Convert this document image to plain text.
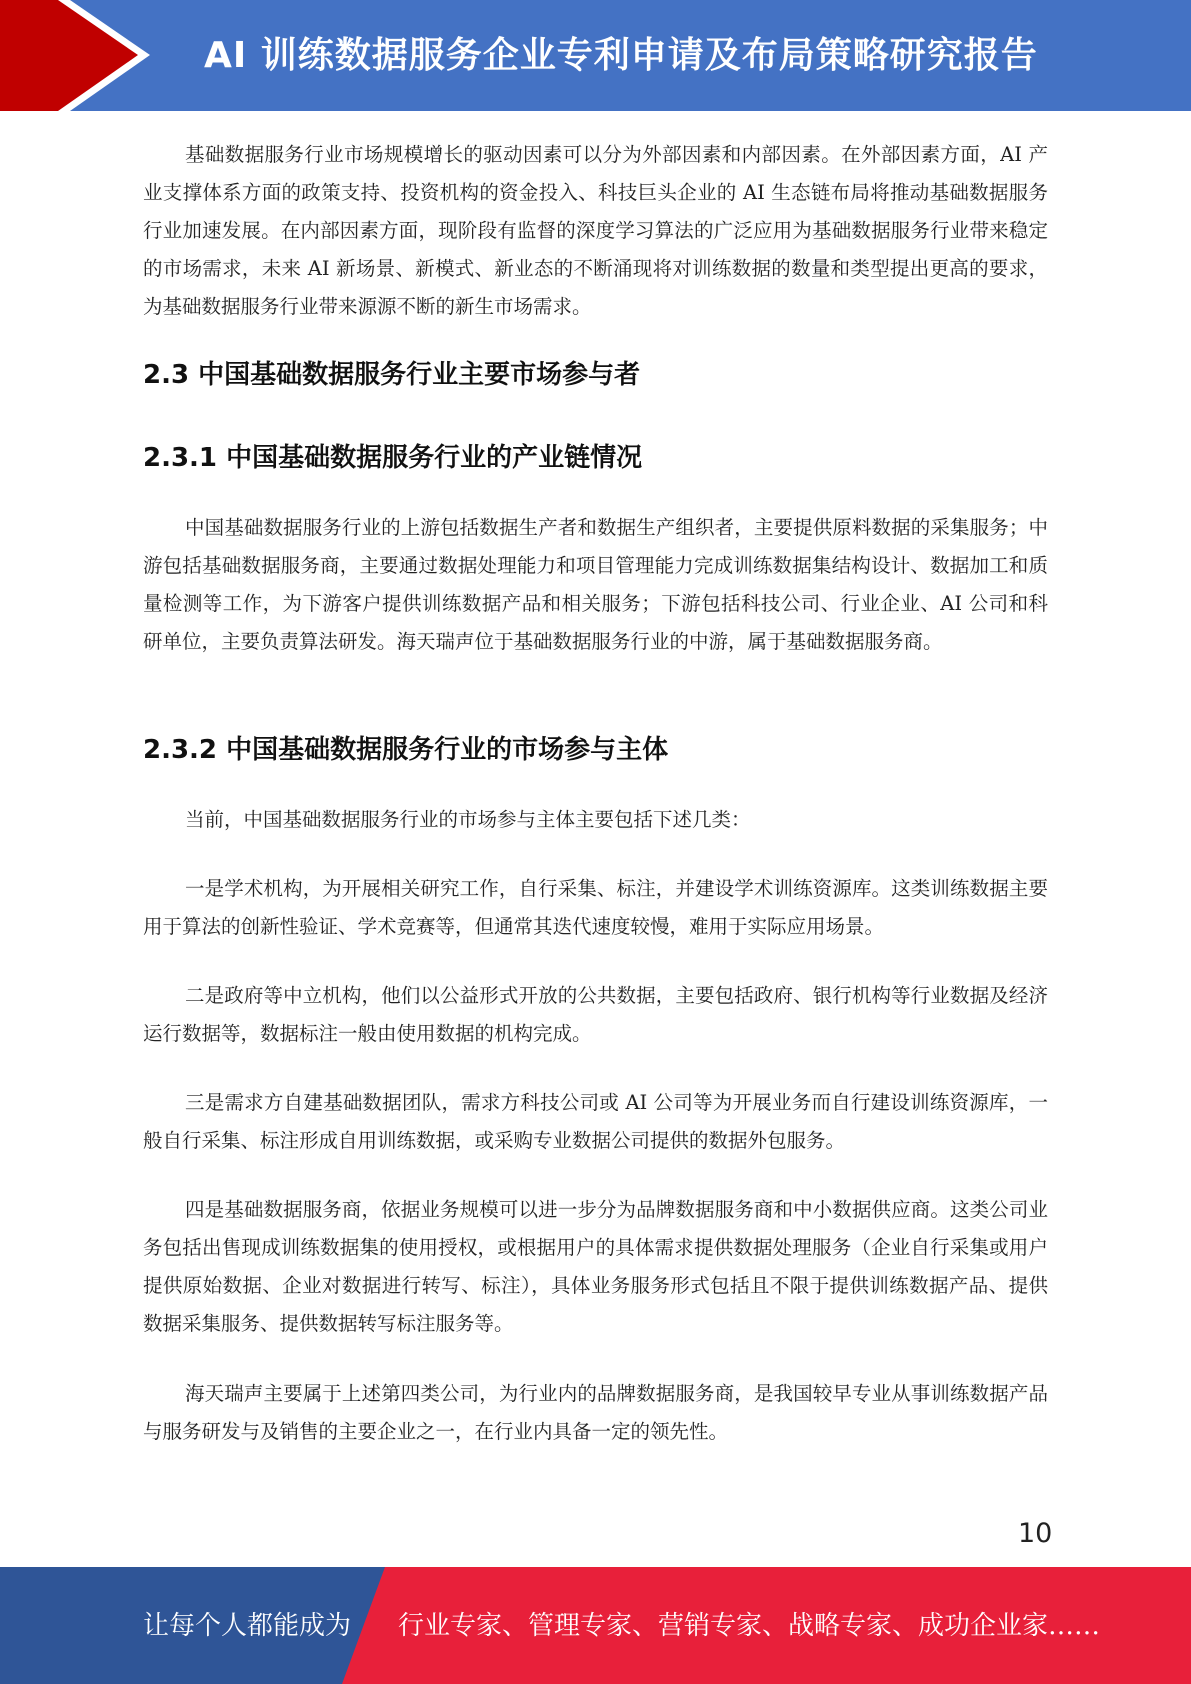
AI 训练数据服务企业专利申请及布局策略研究报告

基础数据服务行业市场规模增长的驱动因素可以分为外部因素和内部因素。在外部因素方面，AI 产业支撑体系方面的政策支持、投资机构的资金投入、科技巨头企业的 AI 生态链布局将推动基础数据服务行业加速发展。在内部因素方面，现阶段有监督的深度学习算法的广泛应用为基础数据服务行业带来稳定的市场需求，未来 AI 新场景、新模式、新业态的不断涌现将对训练数据的数量和类型提出更高的要求，为基础数据服务行业带来源源不断的新生市场需求。

2.3 中国基础数据服务行业主要市场参与者
2.3.1 中国基础数据服务行业的产业链情况

中国基础数据服务行业的上游包括数据生产者和数据生产组织者，主要提供原料数据的采集服务；中游包括基础数据服务商，主要通过数据处理能力和项目管理能力完成训练数据集结构设计、数据加工和质量检测等工作，为下游客户提供训练数据产品和相关服务；下游包括科技公司、行业企业、AI 公司和科研单位，主要负责算法研发。海天瑞声位于基础数据服务行业的中游，属于基础数据服务商。

2.3.2 中国基础数据服务行业的市场参与主体

当前，中国基础数据服务行业的市场参与主体主要包括下述几类：

一是学术机构，为开展相关研究工作，自行采集、标注，并建设学术训练资源库。这类训练数据主要用于算法的创新性验证、学术竞赛等，但通常其迭代速度较慢，难用于实际应用场景。

二是政府等中立机构，他们以公益形式开放的公共数据，主要包括政府、银行机构等行业数据及经济运行数据等，数据标注一般由使用数据的机构完成。

三是需求方自建基础数据团队，需求方科技公司或 AI 公司等为开展业务而自行建设训练资源库，一般自行采集、标注形成自用训练数据，或采购专业数据公司提供的数据外包服务。

四是基础数据服务商，依据业务规模可以进一步分为品牌数据服务商和中小数据供应商。这类公司业务包括出售现成训练数据集的使用授权，或根据用户的具体需求提供数据处理服务（企业自行采集或用户提供原始数据、企业对数据进行转写、标注），具体业务服务形式包括且不限于提供训练数据产品、提供数据采集服务、提供数据转写标注服务等。

海天瑞声主要属于上述第四类公司，为行业内的品牌数据服务商，是我国较早专业从事训练数据产品与服务研发与及销售的主要企业之一，在行业内具备一定的领先性。

10
让每个人都能成为 行业专家、管理专家、营销专家、战略专家、成功企业家……
